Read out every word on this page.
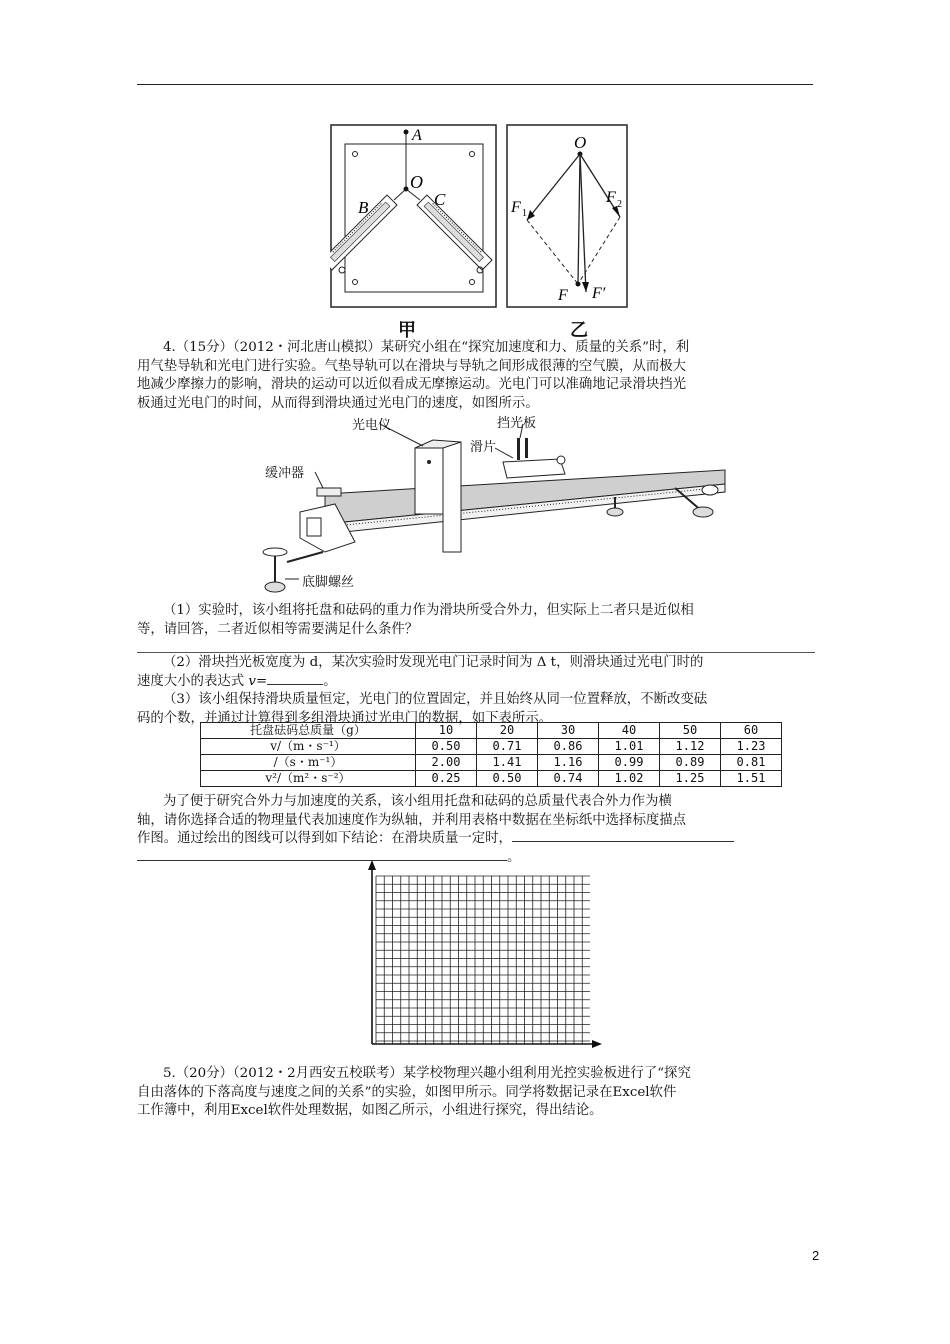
A
O
B	C
O
F 1
F 2
F F′
甲	乙
4.（15分）（2012・河北唐山模拟）某研究小组在“探究加速度和力、质量的关系”时，利
用气垫导轨和光电门进行实验。气垫导轨可以在滑块与导轨之间形成很薄的空气膜，从而极大
地减少摩擦力的影响，滑块的运动可以近似看成无摩擦运动。光电门可以准确地记录滑块挡光
板通过光电门的时间，从而得到滑块通过光电门的速度，如图所示。
光电仪	挡光板
滑片
缓冲器
底脚螺丝
（1）实验时，该小组将托盘和砝码的重力作为滑块所受合外力，但实际上二者只是近似相
等，请回答，二者近似相等需要满足什么条件？
（2）滑块挡光板宽度为 d，某次实验时发现光电门记录时间为 Δ t，则滑块通过光电门时的
速度大小的表达式 v=	。
（3）该小组保持滑块质量恒定，光电门的位置固定，并且始终从同一位置释放，不断改变砝
码的个数，并通过计算得到多组滑块通过光电门的数据，如下表所示。
托盘砝码总质量（g）	10	20	30	40	50	60
v/（m・s⁻¹）	0.50	0.71	0.86	1.01	1.12	1.23
/（s・m⁻¹）	2.00	1.41	1.16	0.99	0.89	0.81
v²/（m²・s⁻²）	0.25	0.50	0.74	1.02	1.25	1.51
为了便于研究合外力与加速度的关系，该小组用托盘和砝码的总质量代表合外力作为横
轴，请你选择合适的物理量代表加速度作为纵轴，并利用表格中数据在坐标纸中选择标度描点
作图。通过绘出的图线可以得到如下结论：在滑块质量一定时，
。
5.（20分）（2012・2月西安五校联考）某学校物理兴趣小组利用光控实验板进行了“探究
自由落体的下落高度与速度之间的关系”的实验，如图甲所示。同学将数据记录在Excel软件
工作簿中，利用Excel软件处理数据，如图乙所示，小组进行探究，得出结论。
2
